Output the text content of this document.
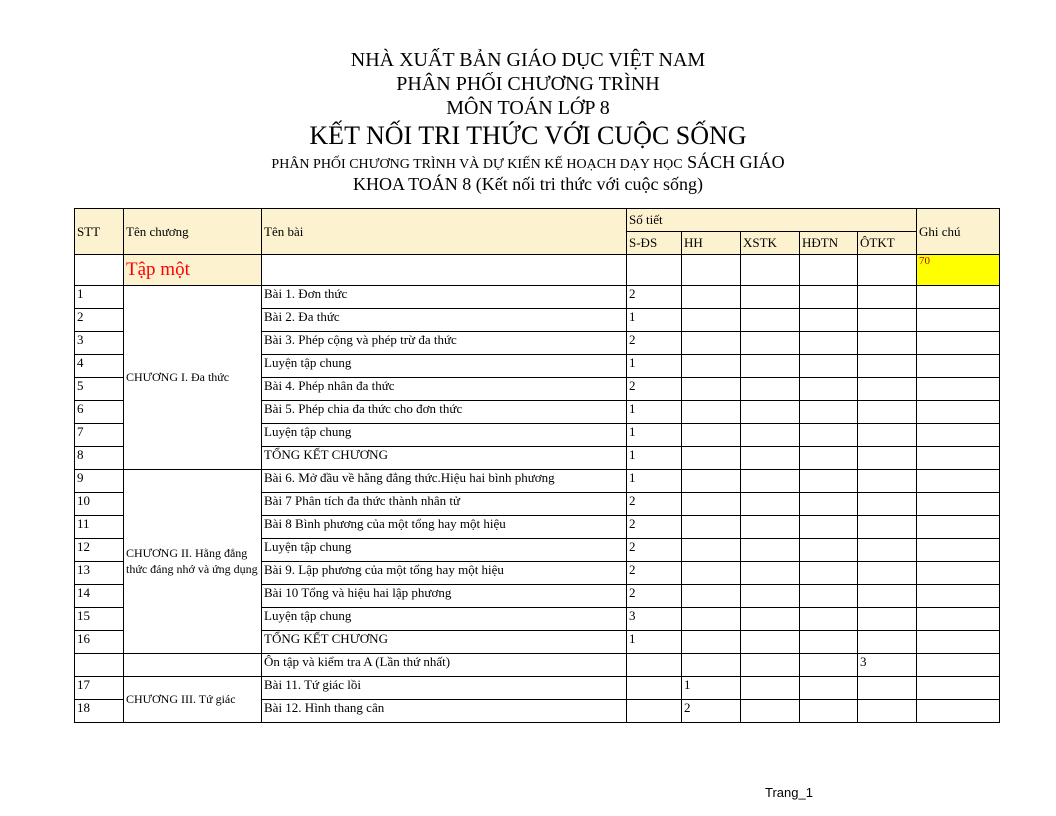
NHÀ XUẤT BẢN GIÁO DỤC VIỆT NAM
PHÂN PHỐI CHƯƠNG TRÌNH
MÔN TOÁN LỚP 8
KẾT NỐI TRI THỨC VỚI CUỘC SỐNG
PHÂN PHỐI CHƯƠNG TRÌNH VÀ DỰ KIẾN KẾ HOẠCH DẠY HỌC SÁCH GIÁO
KHOA TOÁN 8 (Kết nối tri thức với cuộc sống)
STT	Tên chương	Tên bài	Số tiết					Ghi chú
			S-ĐS	HH	XSTK	HĐTN	ÔTKT	
	Tập một							70
1	CHƯƠNG I. Đa thức	Bài 1. Đơn thức	2					
2		Bài 2. Đa thức	1					
3		Bài 3. Phép cộng và phép trừ đa thức	2					
4		Luyện tập chung	1					
5		Bài 4. Phép nhân đa thức	2					
6		Bài 5. Phép chia đa thức cho đơn thức	1					
7		Luyện tập chung	1					
8		TỔNG KẾT CHƯƠNG	1					
9	CHƯƠNG II. Hằng đẳng thức đáng nhớ và ứng dụng	Bài 6. Mở đầu về hằng đẳng thức.Hiệu hai bình phương	1					
10		Bài 7 Phân tích đa thức thành nhân tử	2					
11		Bài 8 Bình phương của một tổng hay một hiệu	2					
12		Luyện tập chung	2					
13		Bài 9. Lập phương của một tổng hay một hiệu	2					
14		Bài 10 Tổng và hiệu hai lập phương	2					
15		Luyện tập chung	3					
16		TỔNG KẾT CHƯƠNG	1					
		Ôn tập và kiểm tra A (Lần thứ nhất)					3	
17	CHƯƠNG III. Tứ giác	Bài 11. Tứ giác lồi		1				
18		Bài 12. Hình thang cân		2				
Trang_1
